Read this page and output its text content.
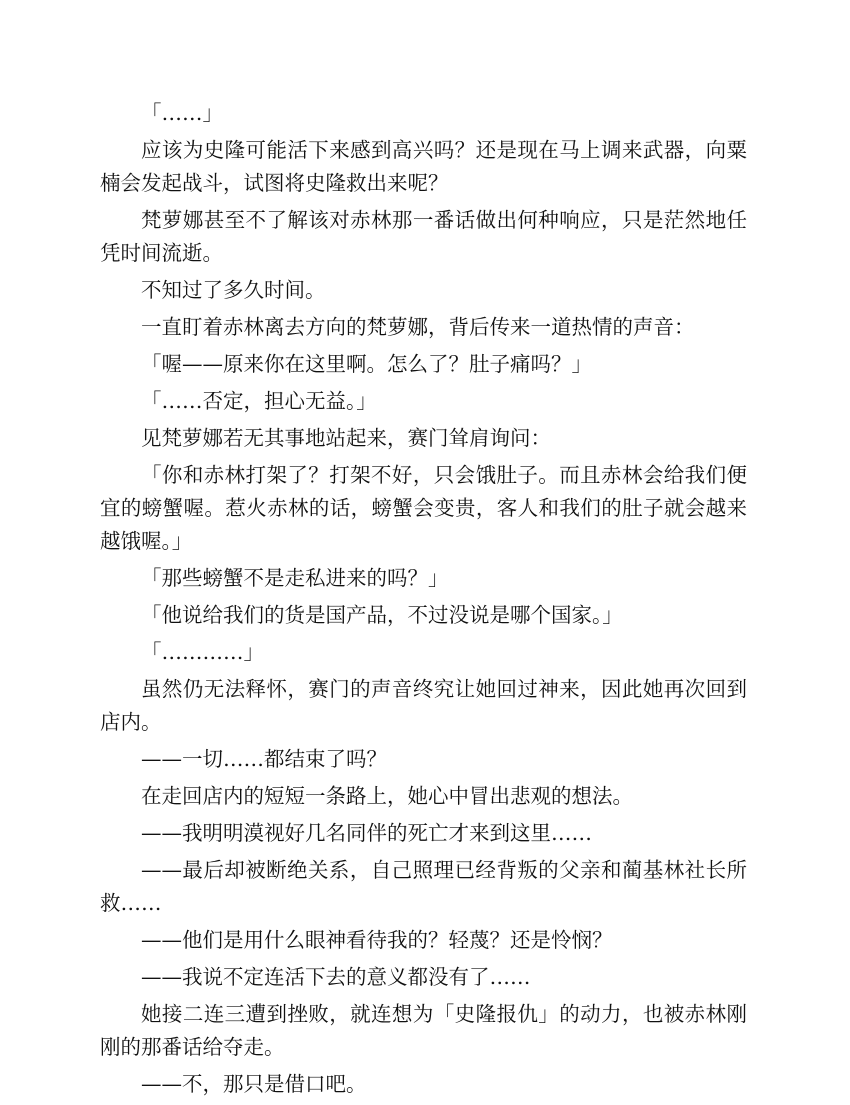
「……」

应该为史隆可能活下来感到高兴吗？还是现在马上调来武器，向粟楠会发起战斗，试图将史隆救出来呢？

梵萝娜甚至不了解该对赤林那一番话做出何种响应，只是茫然地任凭时间流逝。

不知过了多久时间。

一直盯着赤林离去方向的梵萝娜，背后传来一道热情的声音：

「喔——原来你在这里啊。怎么了？肚子痛吗？」

「……否定，担心无益。」

见梵萝娜若无其事地站起来，赛门耸肩询问：

「你和赤林打架了？打架不好，只会饿肚子。而且赤林会给我们便宜的螃蟹喔。惹火赤林的话，螃蟹会变贵，客人和我们的肚子就会越来越饿喔。」

「那些螃蟹不是走私进来的吗？」

「他说给我们的货是国产品，不过没说是哪个国家。」

「…………」

虽然仍无法释怀，赛门的声音终究让她回过神来，因此她再次回到店内。

——一切……都结束了吗？

在走回店内的短短一条路上，她心中冒出悲观的想法。

——我明明漠视好几名同伴的死亡才来到这里……

——最后却被断绝关系，自己照理已经背叛的父亲和蔺基林社长所救……

——他们是用什么眼神看待我的？轻蔑？还是怜悯？

——我说不定连活下去的意义都没有了……

她接二连三遭到挫败，就连想为「史隆报仇」的动力，也被赤林刚刚的那番话给夺走。

——不，那只是借口吧。
